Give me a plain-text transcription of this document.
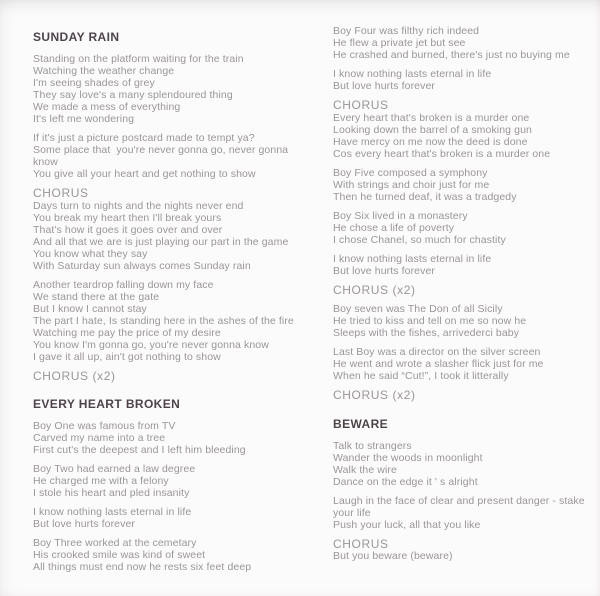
SUNDAY RAIN
Standing on the platform waiting for the train
Watching the weather change
I'm seeing shades of grey
They say love's a many splendoured thing
We made a mess of everything
It's left me wondering
If it's just a picture postcard made to tempt ya?
Some place that  you're never gonna go, never gonna know
You give all your heart and get nothing to show
CHORUS
Days turn to nights and the nights never end
You break my heart then I'll break yours
That's how it goes it goes over and over
And all that we are is just playing our part in the game
You know what they say
With Saturday sun always comes Sunday rain
Another teardrop falling down my face
We stand there at the gate
But I know I cannot stay
The part I hate, Is standing here in the ashes of the fire
Watching me pay the price of my desire
You know I'm gonna go, you're never gonna know
I gave it all up, ain't got nothing to show
CHORUS (x2)
EVERY HEART BROKEN
Boy One was famous from TV
Carved my name into a tree
First cut's the deepest and I left him bleeding
Boy Two had earned a law degree
He charged me with a felony
I stole his heart and pled insanity
I know nothing lasts eternal in life
But love hurts forever
Boy Three worked at the cemetary
His crooked smile was kind of sweet
All things must end now he rests six feet deep
Boy Four was filthy rich indeed
He flew a private jet but see
He crashed and burned, there's just no buying me
I know nothing lasts eternal in life
But love hurts forever
CHORUS
Every heart that's broken is a murder one
Looking down the barrel of a smoking gun
Have mercy on me now the deed is done
Cos every heart that's broken is a murder one
Boy Five composed a symphony
With strings and choir just for me
Then he turned deaf, it was a tradgedy
Boy Six lived in a monastery
He chose a life of poverty
I chose Chanel, so much for chastity
I know nothing lasts eternal in life
But love hurts forever
CHORUS (x2)
Boy seven was The Don of all Sicily
He tried to kiss and tell on me so now he
Sleeps with the fishes, arrivederci baby
Last Boy was a director on the silver screen
He went and wrote a slasher flick just for me
When he said “Cut!”, I took it litterally
CHORUS (x2)
BEWARE
Talk to strangers
Wander the woods in moonlight
Walk the wire
Dance on the edge it ' s alright
Laugh in the face of clear and present danger - stake your life
Push your luck, all that you like
CHORUS
But you beware (beware)
